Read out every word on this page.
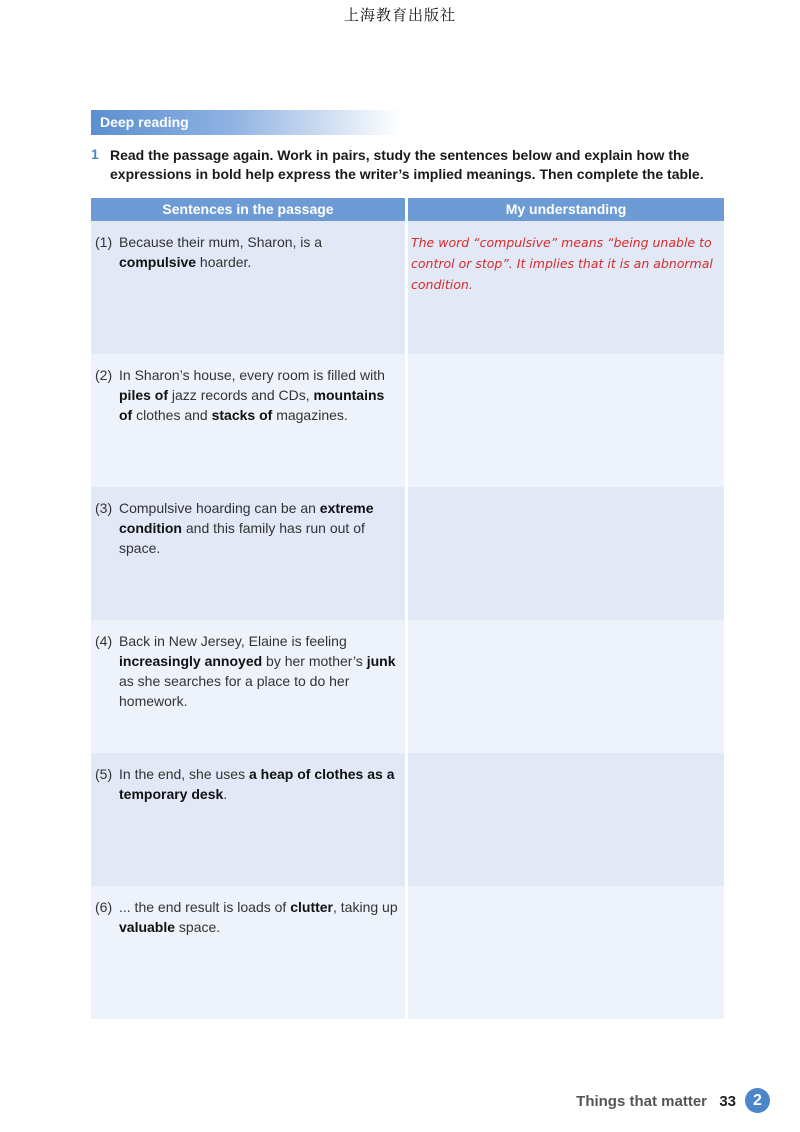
上海教育出版社
Deep reading
1 Read the passage again. Work in pairs, study the sentences below and explain how the expressions in bold help express the writer’s implied meanings. Then complete the table.
Sentences in the passage	My understanding
(1) Because their mum, Sharon, is a compulsive hoarder.
The word “compulsive” means “being unable to control or stop”. It implies that it is an abnormal condition.
(2) In Sharon’s house, every room is filled with piles of jazz records and CDs, mountains of clothes and stacks of magazines.
(3) Compulsive hoarding can be an extreme condition and this family has run out of space.
(4) Back in New Jersey, Elaine is feeling increasingly annoyed by her mother’s junk as she searches for a place to do her homework.
(5) In the end, she uses a heap of clothes as a temporary desk.
(6) ... the end result is loads of clutter, taking up valuable space.
Things that matter 33	2
